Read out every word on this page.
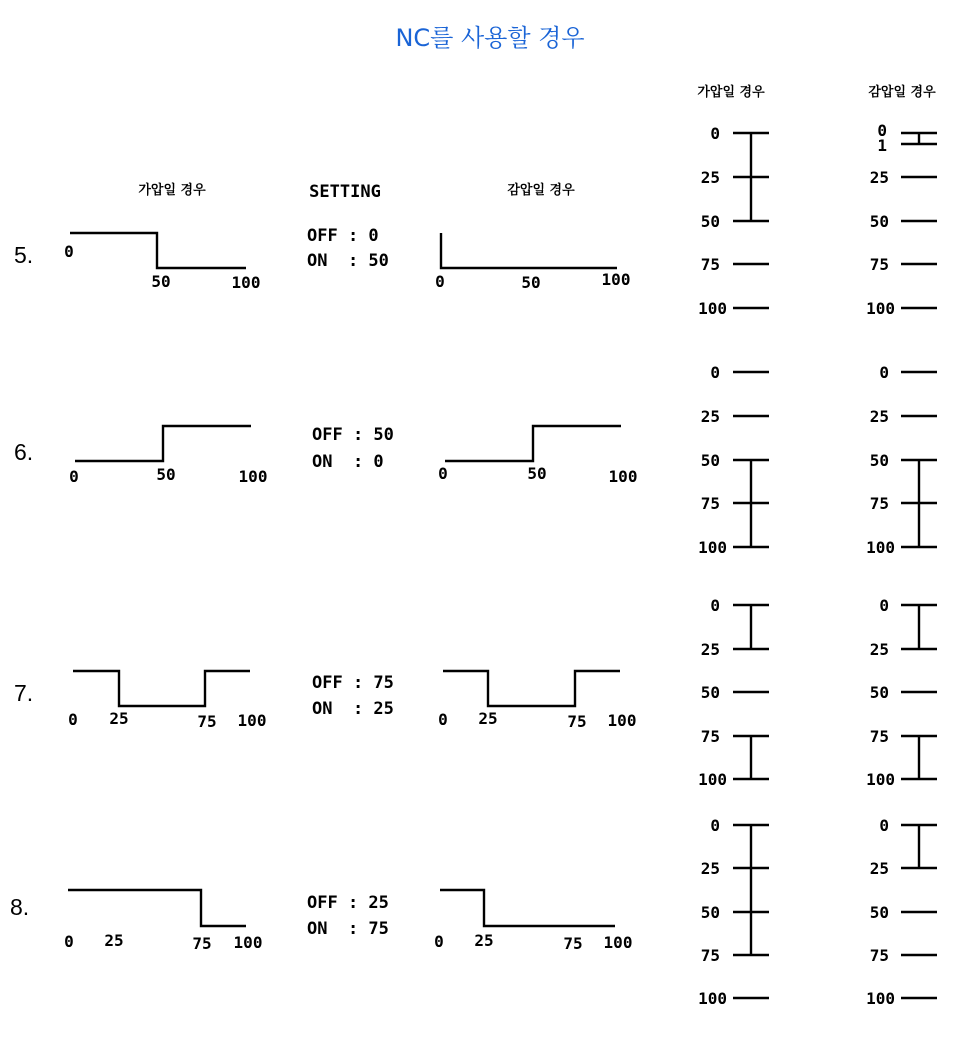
NC를 사용할 경우
가압일 경우	SETTING	감압일 경우
가압일 경우	감압일 경우
5.
6.
7.
8.
OFF : 0
ON  : 50
OFF : 50
ON  : 0
OFF : 75
ON  : 25
OFF : 25
ON  : 75
0
50	100	0	50	100
0	50	100	0	50	100
0 25	75 100	0 25	75 100
0 25	75 100	0 25	75 100
0
25
50
75
100
0
25
50
75
100
0
25
50
75
100
0
25
50
75
100
0
1
25
50
75
100
0
25
50
75
100
0
25
50
75
100
0
25
50
75
100
